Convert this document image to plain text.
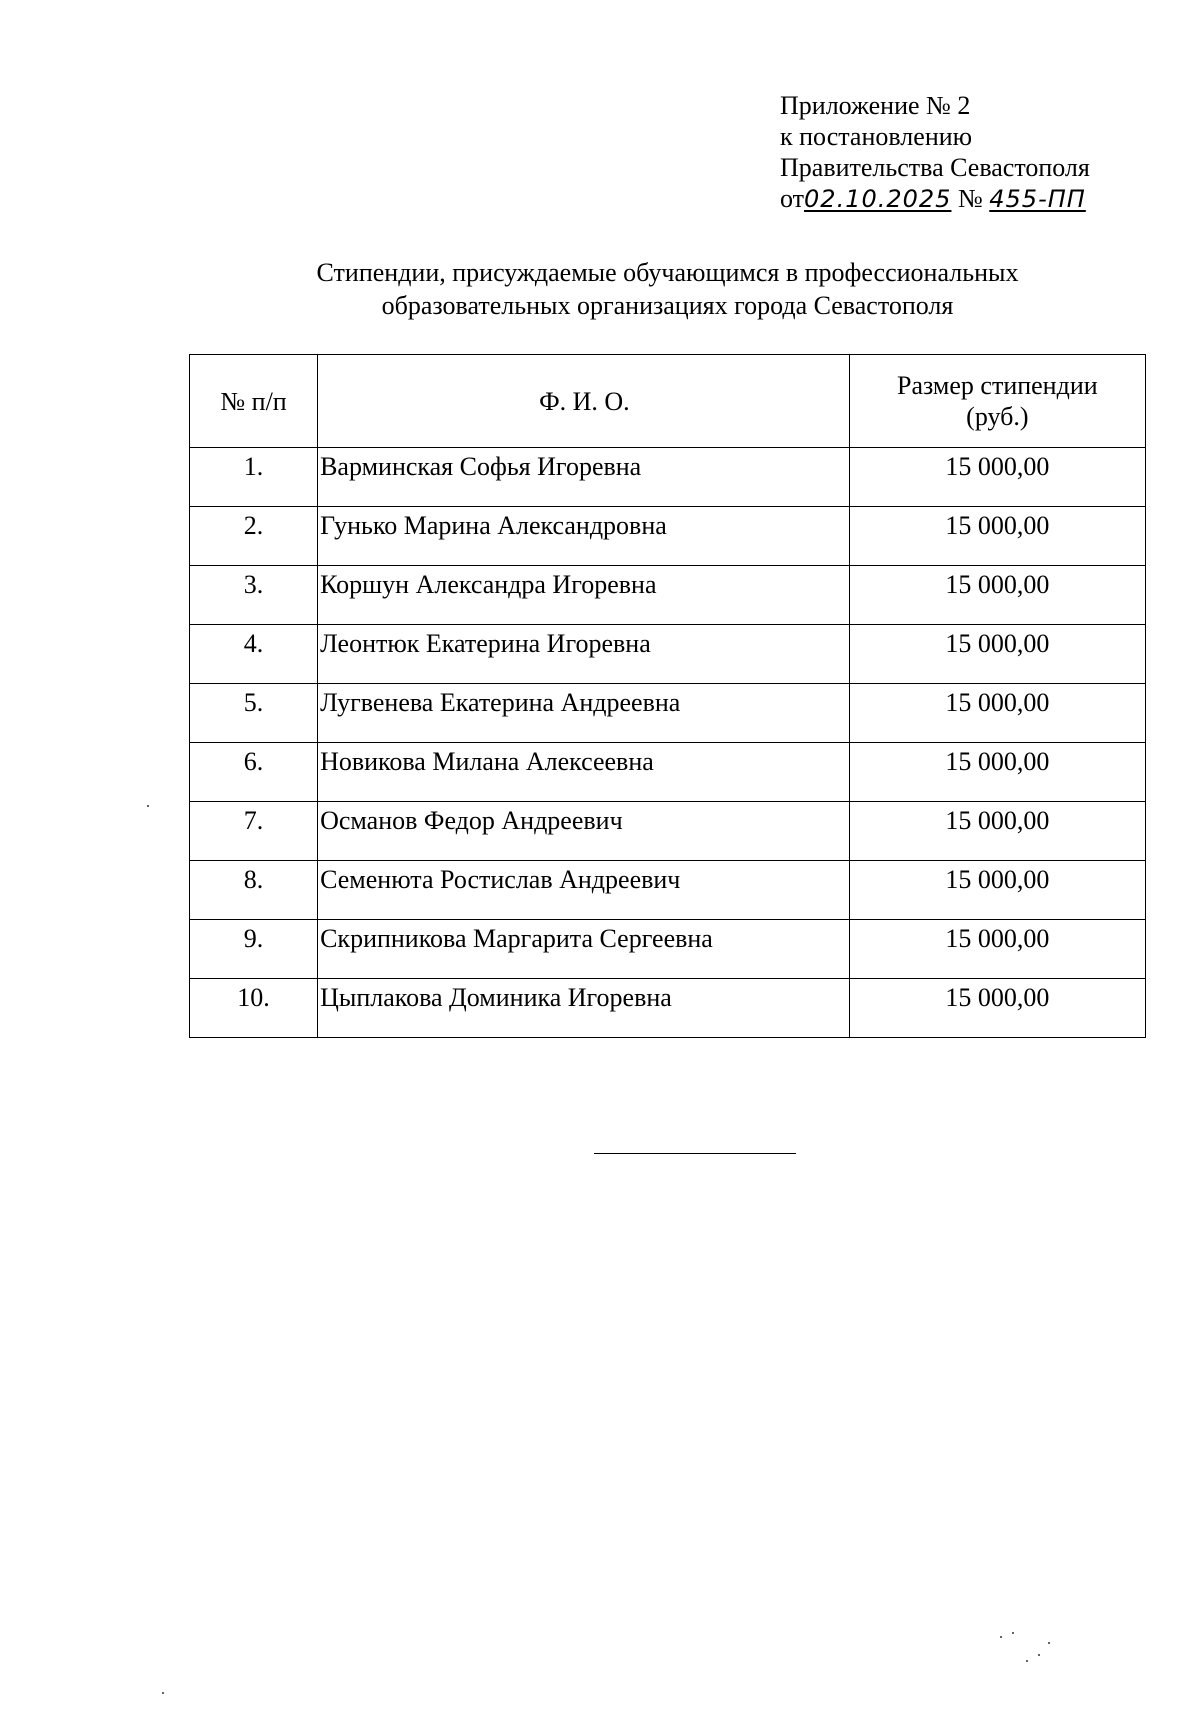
Приложение № 2
к постановлению
Правительства Севастополя
от02.10.2025 № 455-ПП
Стипендии, присуждаемые обучающимся в профессиональных
образовательных организациях города Севастополя
№ п/п	Ф. И. О.	Размер стипендии
(руб.)

1.	Варминская Софья Игоревна	15 000,00
2.	Гунько Марина Александровна	15 000,00
3.	Коршун Александра Игоревна	15 000,00
4.	Леонтюк Екатерина Игоревна	15 000,00
5.	Лугвенева Екатерина Андреевна	15 000,00
6.	Новикова Милана Алексеевна	15 000,00
7.	Османов Федор Андреевич	15 000,00
8.	Семенюта Ростислав Андреевич	15 000,00
9.	Скрипникова Маргарита Сергеевна	15 000,00
10.	Цыплакова Доминика Игоревна	15 000,00
